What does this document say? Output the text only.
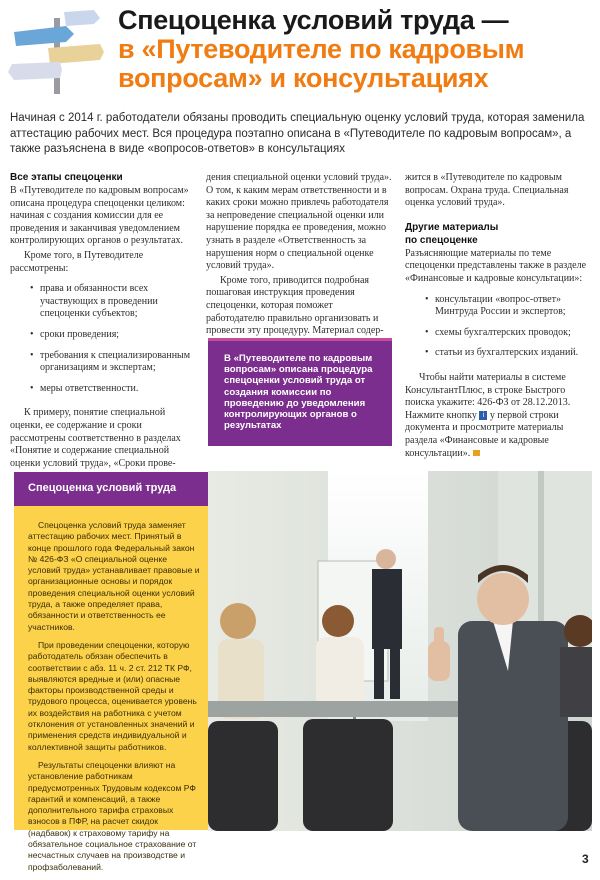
Спецоценка условий труда —
в «Путеводителе по кадровым
вопросам» и консультациях
Начиная с 2014 г. работодатели обязаны проводить специальную оценку условий труда, которая заменила аттестацию рабочих мест. Вся процедура поэтапно описана в «Путеводителе по кадровым вопросам», а также разъяснена в виде «вопросов-ответов» в консультациях
Все этапы спецоценки

В «Путеводителе по кадровым вопросам» описана процедура спецоценки целиком: начиная с создания комиссии для ее проведения и заканчивая уведомлением контролирующих органов о результатах.

Кроме того, в Путеводителе рассмотрены:

• права и обязанности всех участвующих в проведении спецоценки субъектов;
• сроки проведения;
• требования к специализированным организациям и экспертам;
• меры ответственности.

К примеру, понятие специальной оценки, ее содержание и сроки рассмотрены соответственно в разделах «Понятие и содержание специальной оценки условий труда», «Сроки прове-

дения специальной оценки условий труда». О том, к каким мерам ответственности и в каких сроки можно привлечь работодателя за непроведение специальной оценки или нарушение порядка ее проведения, можно узнать в разделе «Ответственность за нарушения норм о специальной оценке условий труда».

Кроме того, приводится подробная пошаговая инструкция проведения спецоценки, которая поможет работодателю правильно организовать и провести эту процедуру. Материал содер-

В «Путеводителе по кадровым вопросам» описана процедура спецоценки условий труда от создания комиссии по проведению до уведомления контролирующих органов о результатах

жится в «Путеводителе по кадровым вопросам. Охрана труда. Специальная оценка условий труда».

Другие материалы
по спецоценке

Разъясняющие материалы по теме спецоценки представлены также в разделе «Финансовые и кадровые консультации»:

• консультации «вопрос-ответ» Минтруда России и экспертов;
• схемы бухгалтерских проводок;
• статьи из бухгалтерских изданий.

Чтобы найти материалы в системе КонсультантПлюс, в строке Быстрого поиска укажите: 426-ФЗ от 28.12.2013. Нажмите кнопку i у первой строки документа и просмотрите материалы раздела «Финансовые и кадровые консультации».

Спецоценка условий труда

Спецоценка условий труда заменяет аттестацию рабочих мест. Принятый в конце прошлого года Федеральный закон № 426-ФЗ «О специальной оценке условий труда» устанавливает правовые и организационные основы и порядок проведения специальной оценки условий труда, а также определяет права, обязанности и ответственность ее участников.

При проведении спецоценки, которую работодатель обязан обеспечить в соответствии с абз. 11 ч. 2 ст. 212 ТК РФ, выявляются вредные и (или) опасные факторы производственной среды и трудового процесса, оценивается уровень их воздействия на работника с учетом отклонения от установленных значений и применения средств индивидуальной и коллективной защиты работников.

Результаты спецоценки влияют на установление работникам предусмотренных Трудовым кодексом РФ гарантий и компенсаций, а также дополнительного тарифа страховых взносов в ПФР, на расчет скидок (надбавок) к страховому тарифу на обязательное социальное страхование от несчастных случаев на производстве и профзаболеваний.

3
